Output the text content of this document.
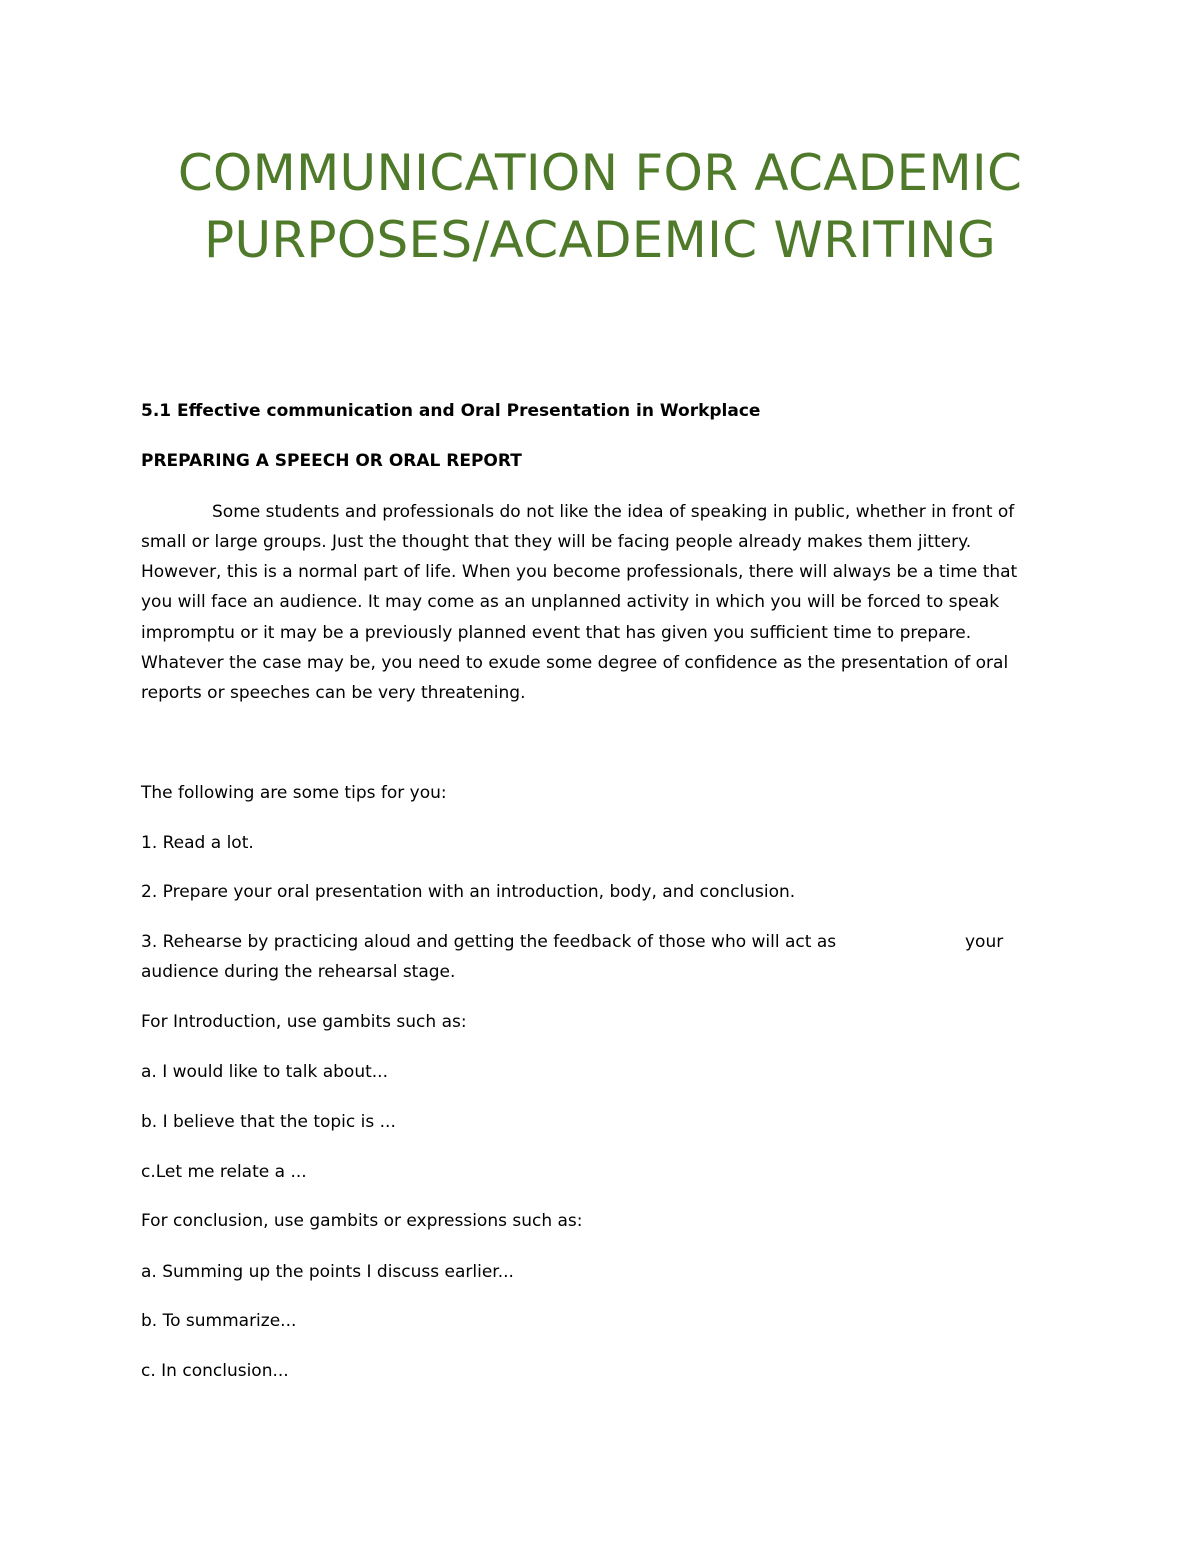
COMMUNICATION FOR ACADEMIC
PURPOSES/ACADEMIC WRITING
5.1 Effective communication and Oral Presentation in Workplace
PREPARING A SPEECH OR ORAL REPORT
Some students and professionals do not like the idea of speaking in public, whether in front of
small or large groups. Just the thought that they will be facing people already makes them jittery.
However, this is a normal part of life. When you become professionals, there will always be a time that
you will face an audience. It may come as an unplanned activity in which you will be forced to speak
impromptu or it may be a previously planned event that has given you sufficient time to prepare.
Whatever the case may be, you need to exude some degree of confidence as the presentation of oral
reports or speeches can be very threatening.
The following are some tips for you:
1. Read a lot.
2. Prepare your oral presentation with an introduction, body, and conclusion.
3. Rehearse by practicing aloud and getting the feedback of those who will act as	your
audience during the rehearsal stage.
For Introduction, use gambits such as:
a. I would like to talk about...
b. I believe that the topic is ...
c.Let me relate a ...
For conclusion, use gambits or expressions such as:
a. Summing up the points I discuss earlier...
b. To summarize...
c. In conclusion...
